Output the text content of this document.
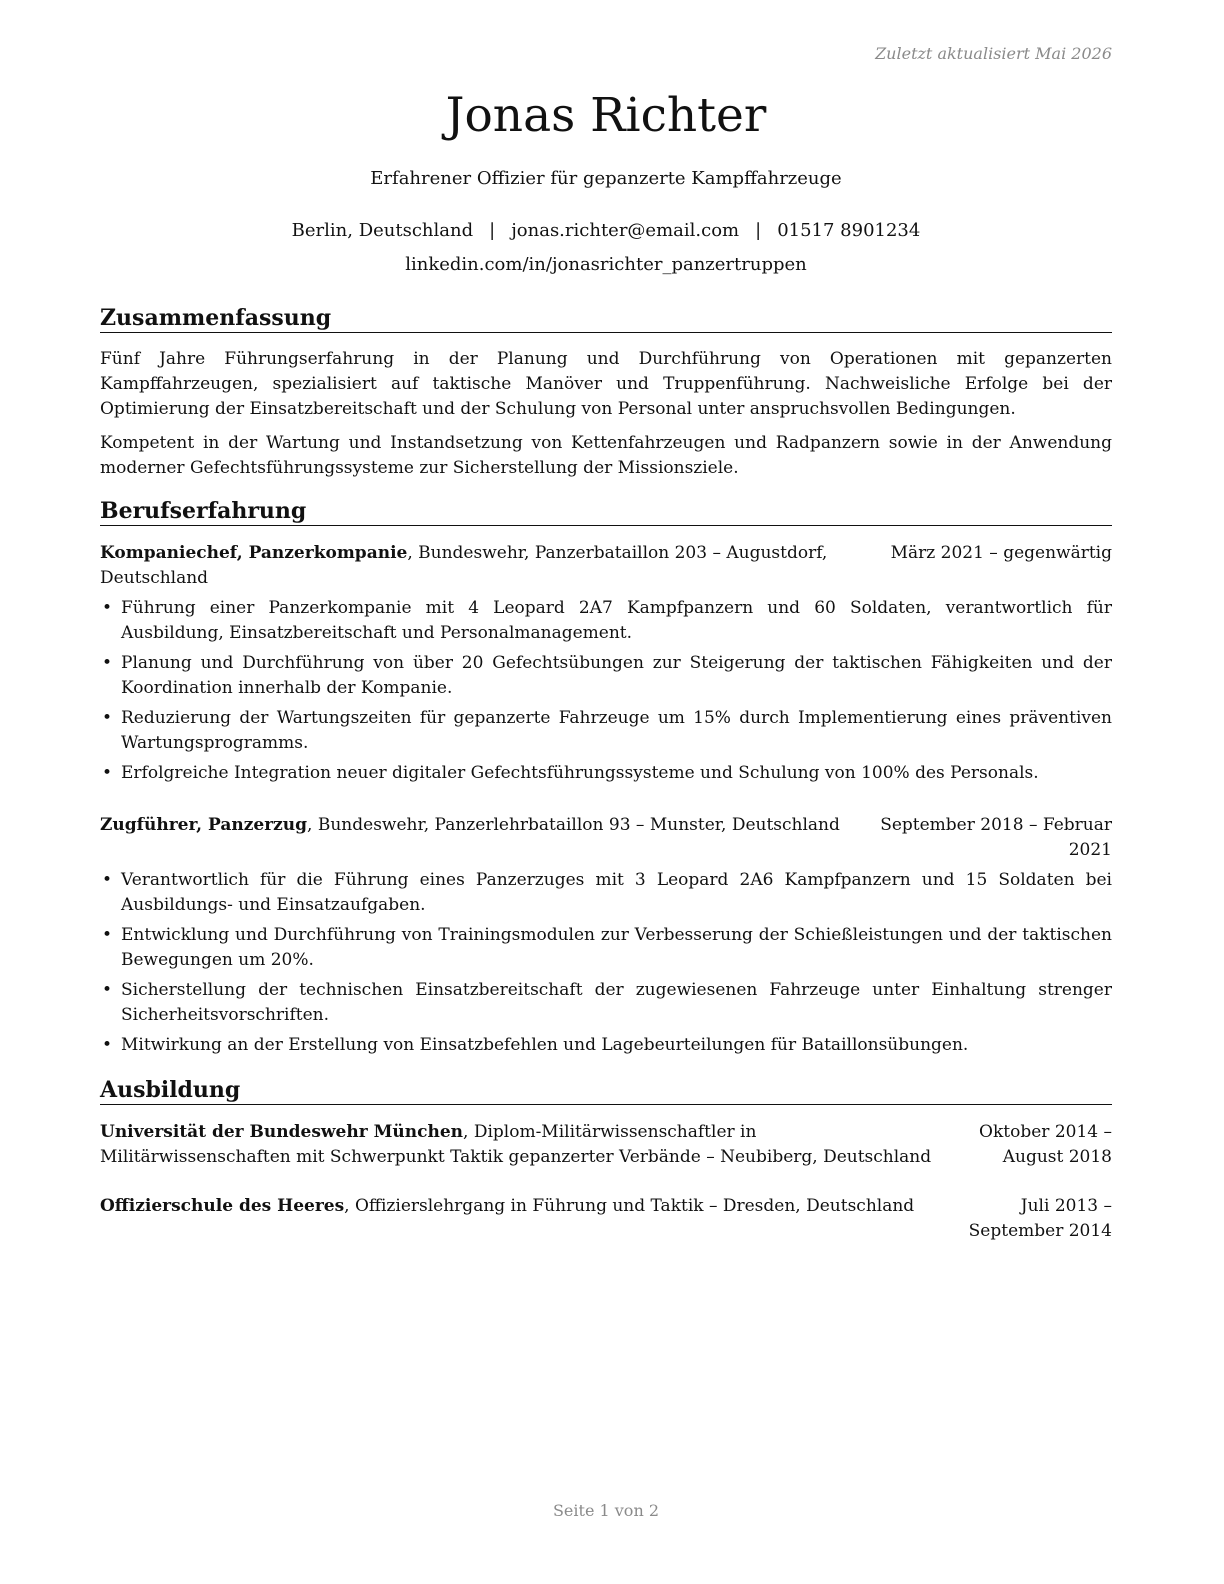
Zuletzt aktualisiert Mai 2026
Jonas Richter
Erfahrener Offizier für gepanzerte Kampffahrzeuge
Berlin, Deutschland | jonas.richter@email.com | 01517 8901234
linkedin.com/in/jonasrichter_panzertruppen
Zusammenfassung

Fünf Jahre Führungserfahrung in der Planung und Durchführung von Operationen mit gepanzerten Kampffahrzeugen, spezialisiert auf taktische Manöver und Truppenführung. Nachweisliche Erfolge bei der Optimierung der Einsatzbereitschaft und der Schulung von Personal unter anspruchsvollen Bedingungen.

Kompetent in der Wartung und Instandsetzung von Kettenfahrzeugen und Radpanzern sowie in der Anwendung moderner Gefechtsführungssysteme zur Sicherstellung der Missionsziele.

Berufserfahrung
März 2021 – gegenwärtig
Kompaniechef, Panzerkompanie, Bundeswehr, Panzerbataillon 203 – Augustdorf, Deutschland
• Führung einer Panzerkompanie mit 4 Leopard 2A7 Kampfpanzern und 60 Soldaten, verantwortlich für Ausbildung, Einsatzbereitschaft und Personalmanagement.
• Planung und Durchführung von über 20 Gefechtsübungen zur Steigerung der taktischen Fähigkeiten und der Koordination innerhalb der Kompanie.
• Reduzierung der Wartungszeiten für gepanzerte Fahrzeuge um 15% durch Implementierung eines präventiven Wartungsprogramms.
• Erfolgreiche Integration neuer digitaler Gefechtsführungssysteme und Schulung von 100% des Personals.
September 2018 – Februar 2021
Zugführer, Panzerzug, Bundeswehr, Panzerlehrbataillon 93 – Munster, Deutschland
• Verantwortlich für die Führung eines Panzerzuges mit 3 Leopard 2A6 Kampfpanzern und 15 Soldaten bei Ausbildungs- und Einsatzaufgaben.
• Entwicklung und Durchführung von Trainingsmodulen zur Verbesserung der Schießleistungen und der taktischen Bewegungen um 20%.
• Sicherstellung der technischen Einsatzbereitschaft der zugewiesenen Fahrzeuge unter Einhaltung strenger Sicherheitsvorschriften.
• Mitwirkung an der Erstellung von Einsatzbefehlen und Lagebeurteilungen für Bataillonsübungen.
Ausbildung
Universität der Bundeswehr München, Diplom-Militärwissenschaftler in Militärwissenschaften mit Schwerpunkt Taktik gepanzerter Verbände – Neubiberg, Deutschland
Oktober 2014 – August 2018
Offizierschule des Heeres, Offizierslehrgang in Führung und Taktik – Dresden, Deutschland	Juli 2013 – September 2014
Seite 1 von 2
